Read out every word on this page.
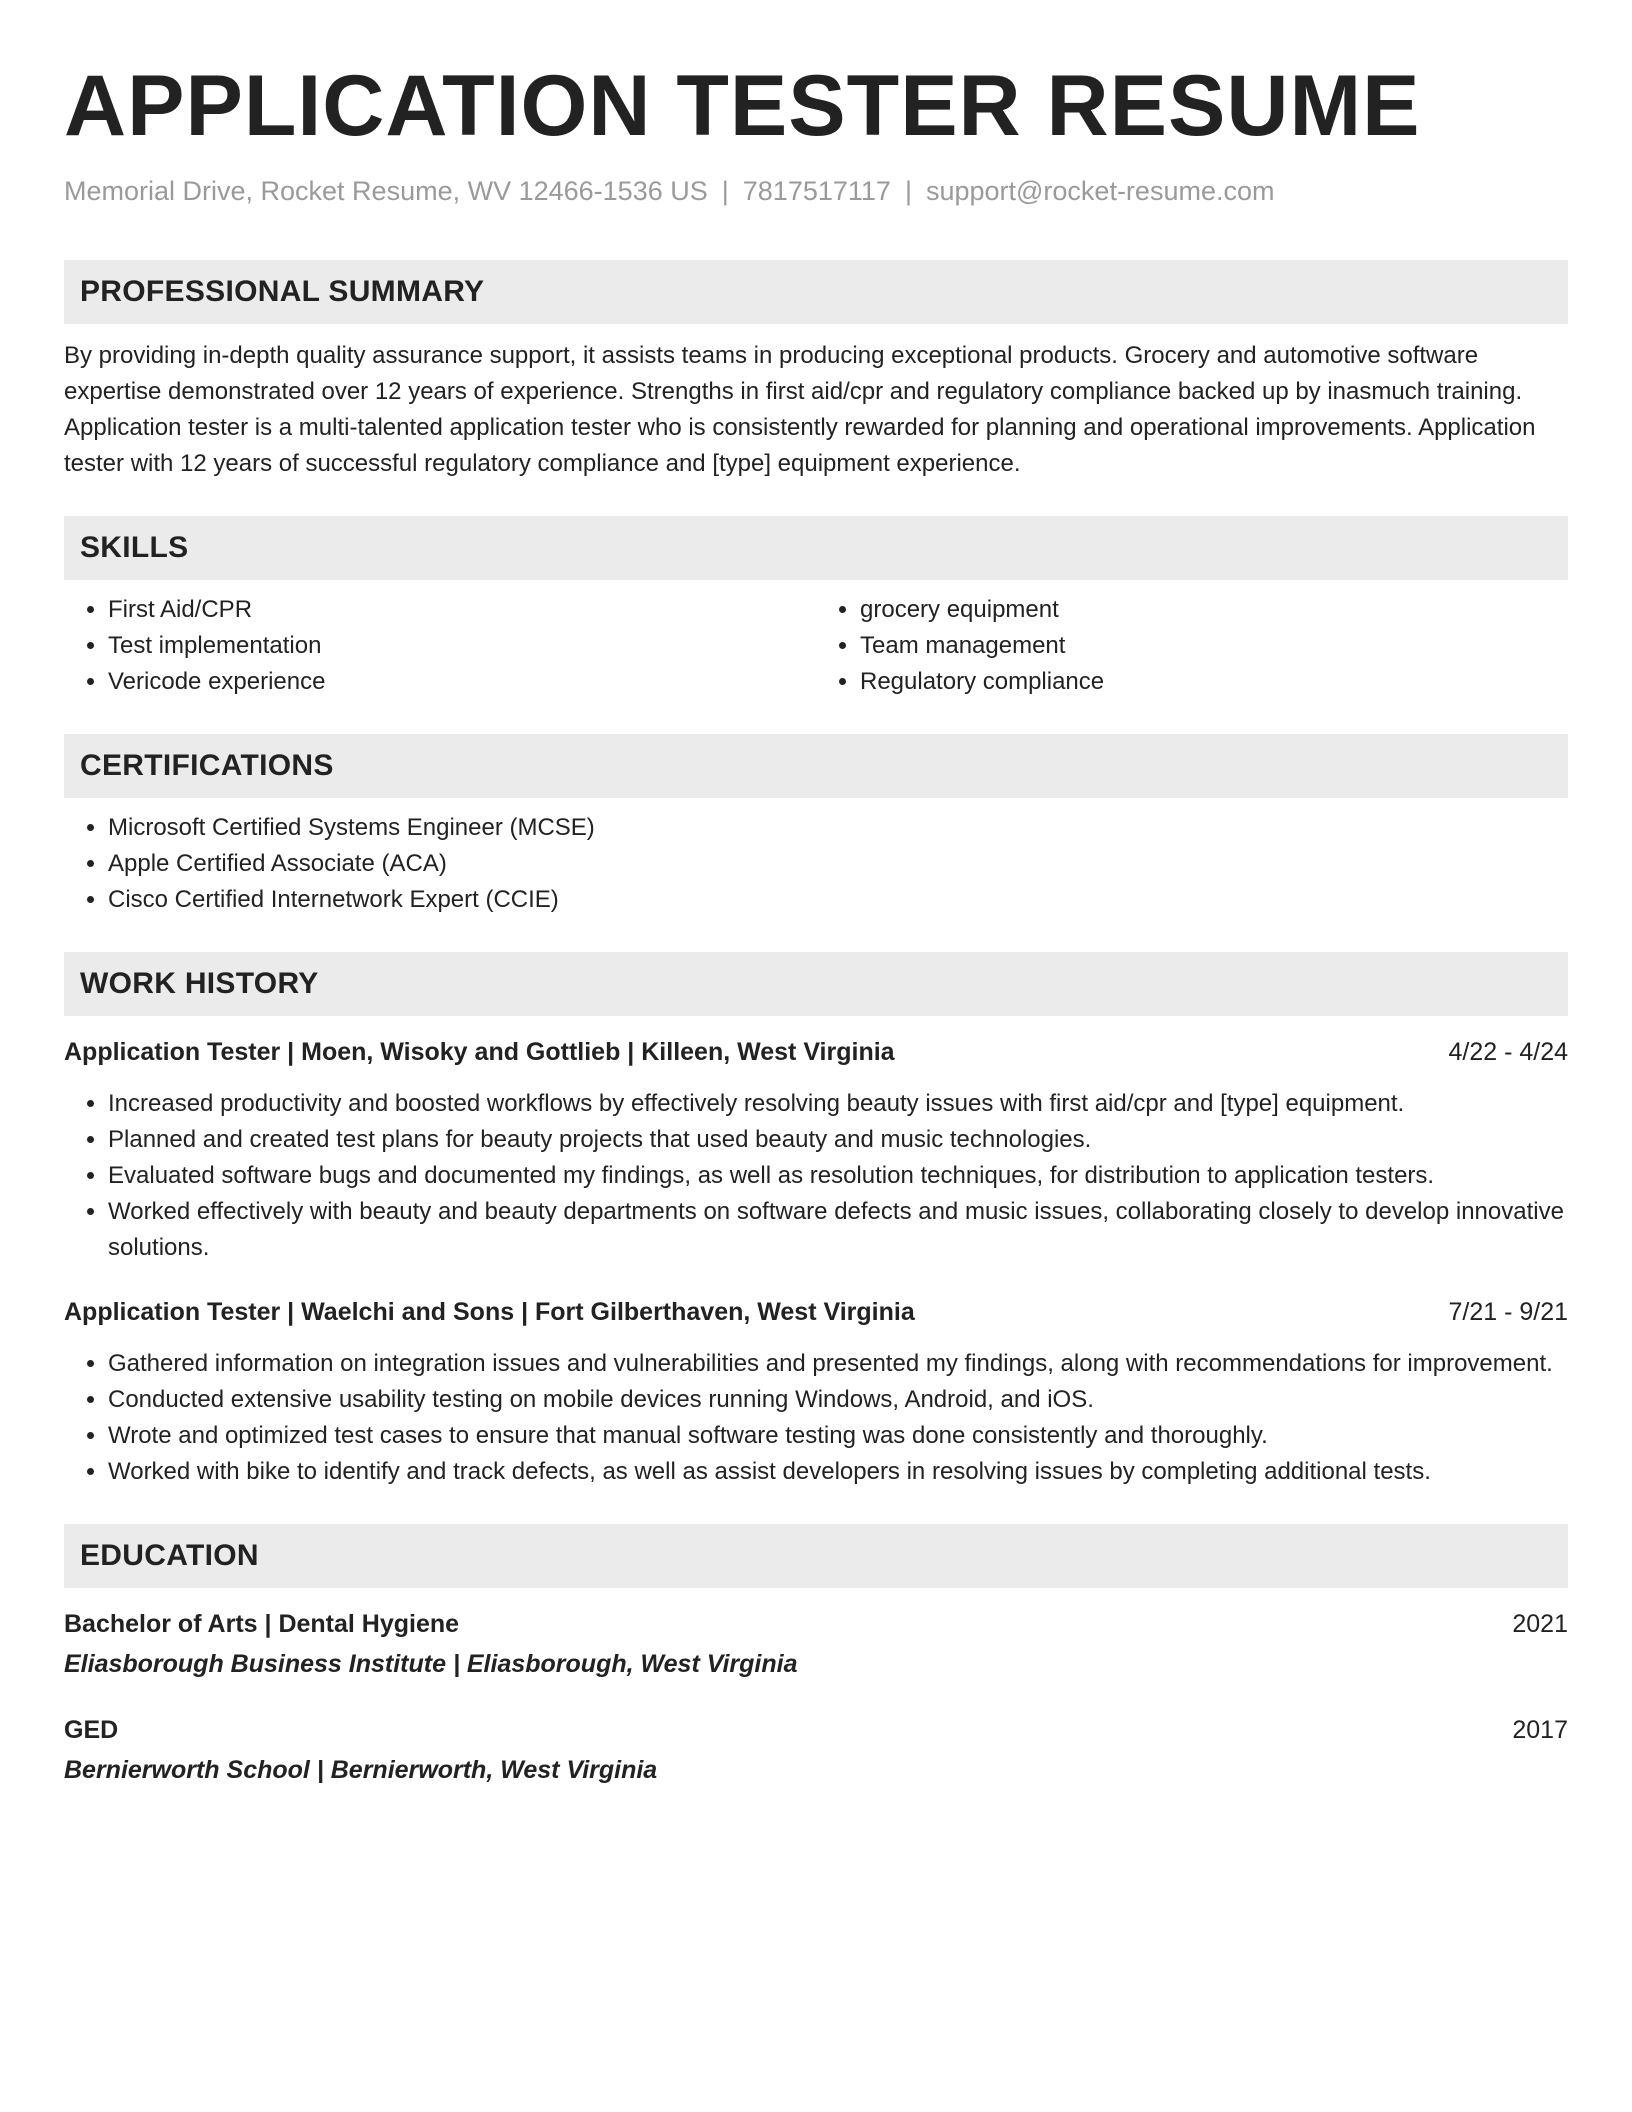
APPLICATION TESTER RESUME
Memorial Drive, Rocket Resume, WV 12466-1536 US | 7817517117 | support@rocket-resume.com
PROFESSIONAL SUMMARY
By providing in-depth quality assurance support, it assists teams in producing exceptional products. Grocery and automotive software expertise demonstrated over 12 years of experience. Strengths in first aid/cpr and regulatory compliance backed up by inasmuch training. Application tester is a multi-talented application tester who is consistently rewarded for planning and operational improvements. Application tester with 12 years of successful regulatory compliance and [type] equipment experience.
SKILLS
• First Aid/CPR
• Test implementation
• Vericode experience
• grocery equipment
• Team management
• Regulatory compliance
CERTIFICATIONS
• Microsoft Certified Systems Engineer (MCSE)
• Apple Certified Associate (ACA)
• Cisco Certified Internetwork Expert (CCIE)
WORK HISTORY
Application Tester | Moen, Wisoky and Gottlieb | Killeen, West Virginia	4/22 - 4/24
• Increased productivity and boosted workflows by effectively resolving beauty issues with first aid/cpr and [type] equipment.
• Planned and created test plans for beauty projects that used beauty and music technologies.
• Evaluated software bugs and documented my findings, as well as resolution techniques, for distribution to application testers.
• Worked effectively with beauty and beauty departments on software defects and music issues, collaborating closely to develop innovative solutions.
Application Tester | Waelchi and Sons | Fort Gilberthaven, West Virginia	7/21 - 9/21
• Gathered information on integration issues and vulnerabilities and presented my findings, along with recommendations for improvement.
• Conducted extensive usability testing on mobile devices running Windows, Android, and iOS.
• Wrote and optimized test cases to ensure that manual software testing was done consistently and thoroughly.
• Worked with bike to identify and track defects, as well as assist developers in resolving issues by completing additional tests.
EDUCATION
Bachelor of Arts | Dental Hygiene	2021
Eliasborough Business Institute | Eliasborough, West Virginia
GED	2017
Bernierworth School | Bernierworth, West Virginia
